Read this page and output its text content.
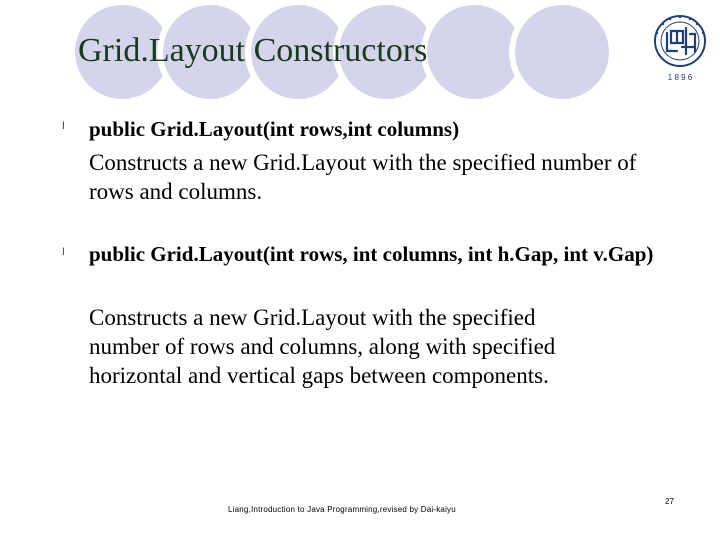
Grid.Layout Constructors
1 8 9 6
l public Grid.Layout(int rows,int columns)

Constructs a new Grid.Layout with the specified number of rows and columns.

l public Grid.Layout(int rows, int columns, int h.Gap, int v.Gap)

Constructs a new Grid.Layout with the specified number of rows and columns, along with specified horizontal and vertical gaps between components.

Liang,Introduction to Java Programming,revised by Dai-kaiyu
27
